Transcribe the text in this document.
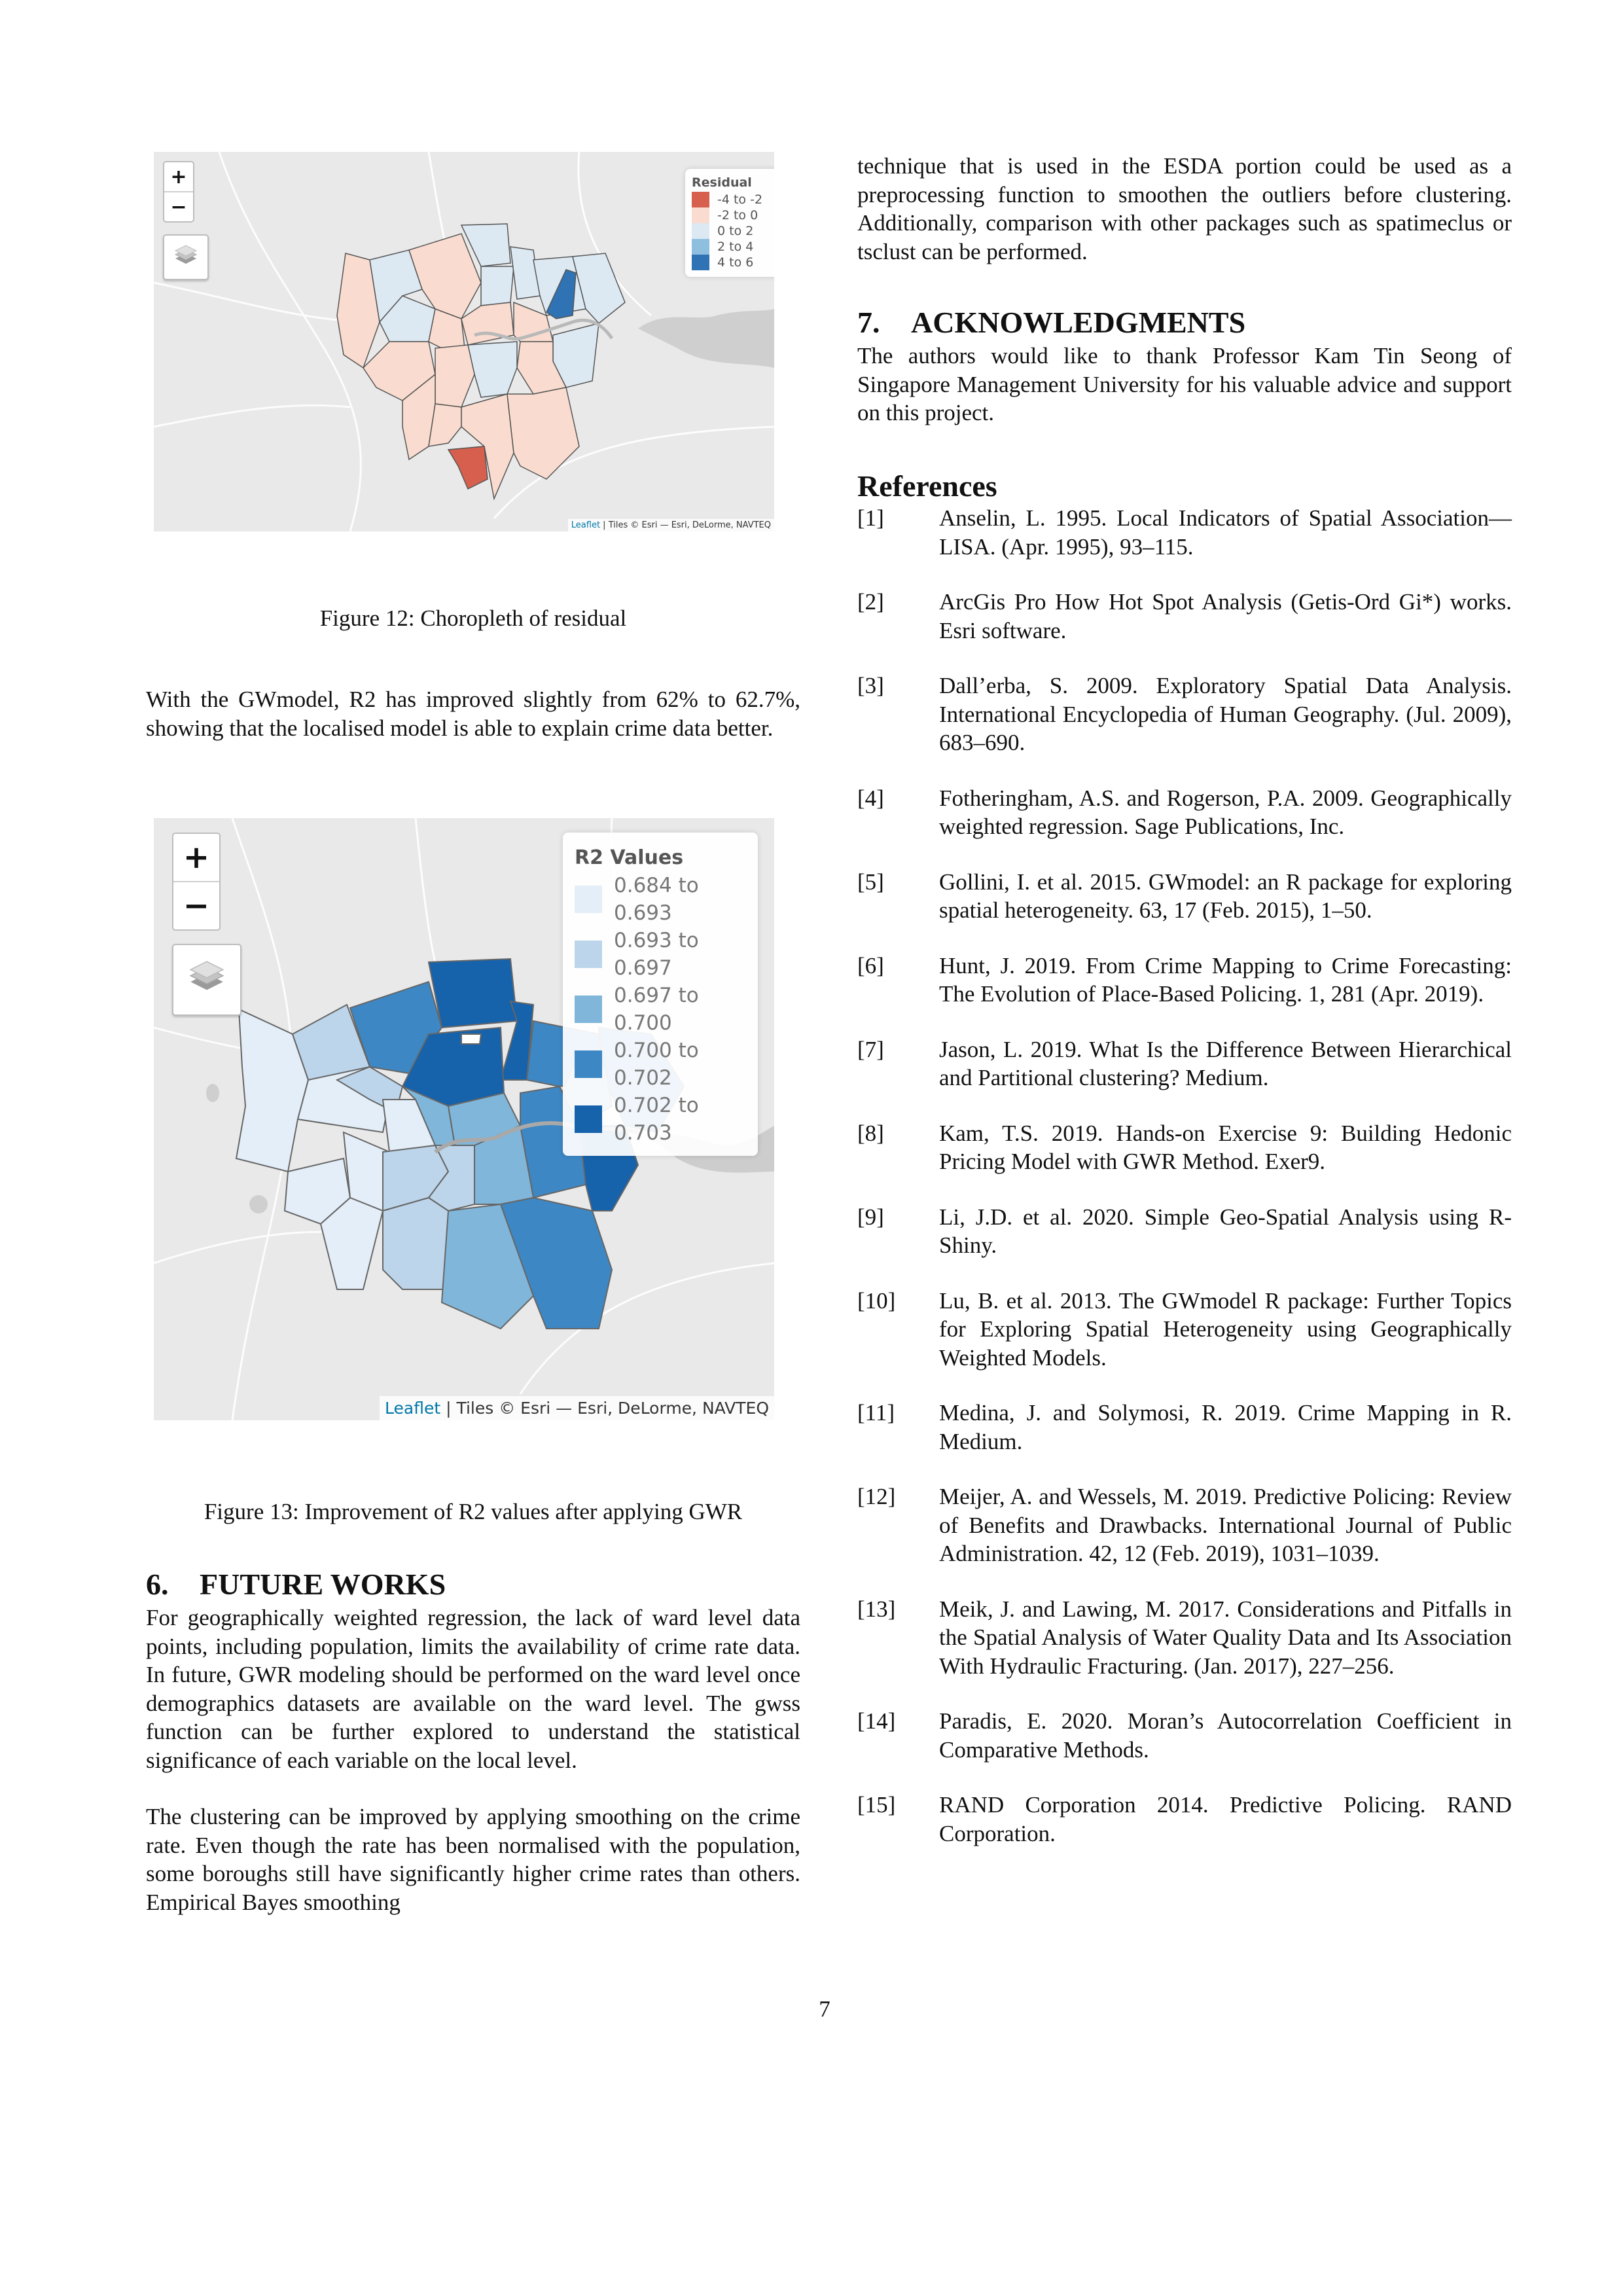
+
−
Residual
-4 to -2
-2 to 0
0 to 2
2 to 4
4 to 6
Leaflet | Tiles © Esri — Esri, DeLorme, NAVTEQ
Figure 12: Choropleth of residual

With the GWmodel, R2 has improved slightly from 62% to 62.7%, showing that the localised model is able to explain crime data better.

+
−
R2 Values
0.684 to 0.693
0.693 to 0.697
0.697 to 0.700
0.700 to 0.702
0.702 to 0.703
Leaflet | Tiles © Esri — Esri, DeLorme, NAVTEQ
Figure 13: Improvement of R2 values after applying GWR
6. FUTURE WORKS

For geographically weighted regression, the lack of ward level data points, including population, limits the availability of crime rate data. In future, GWR modeling should be performed on the ward level once demographics datasets are available on the ward level. The gwss function can be further explored to understand the statistical significance of each variable on the local level.

The clustering can be improved by applying smoothing on the crime rate. Even though the rate has been normalised with the population, some boroughs still have significantly higher crime rates than others. Empirical Bayes smoothing

technique that is used in the ESDA portion could be used as a preprocessing function to smoothen the outliers before clustering. Additionally, comparison with other packages such as spatimeclus or tsclust can be performed.

7. ACKNOWLEDGMENTS

The authors would like to thank Professor Kam Tin Seong of Singapore Management University for his valuable advice and support on this project.

References
[1]	Anselin, L. 1995. Local Indicators of Spatial Association—LISA. (Apr. 1995), 93–115.
[2]	ArcGis Pro How Hot Spot Analysis (Getis-Ord Gi*) works. Esri software.
[3]	Dall’erba, S. 2009. Exploratory Spatial Data Analysis. International Encyclopedia of Human Geography. (Jul. 2009), 683–690.
[4]	Fotheringham, A.S. and Rogerson, P.A. 2009. Geographically weighted regression. Sage Publications, Inc.
[5]	Gollini, I. et al. 2015. GWmodel: an R package for exploring spatial heterogeneity. 63, 17 (Feb. 2015), 1–50.
[6]	Hunt, J. 2019. From Crime Mapping to Crime Forecasting: The Evolution of Place-Based Policing. 1, 281 (Apr. 2019).
[7]	Jason, L. 2019. What Is the Difference Between Hierarchical and Partitional clustering? Medium.
[8]	Kam, T.S. 2019. Hands-on Exercise 9: Building Hedonic Pricing Model with GWR Method. Exer9.
[9]	Li, J.D. et al. 2020. Simple Geo-Spatial Analysis using R-Shiny.
[10]	Lu, B. et al. 2013. The GWmodel R package: Further Topics for Exploring Spatial Heterogeneity using Geographically Weighted Models.
[11]	Medina, J. and Solymosi, R. 2019. Crime Mapping in R. Medium.
[12]	Meijer, A. and Wessels, M. 2019. Predictive Policing: Review of Benefits and Drawbacks. International Journal of Public Administration. 42, 12 (Feb. 2019), 1031–1039.
[13]	Meik, J. and Lawing, M. 2017. Considerations and Pitfalls in the Spatial Analysis of Water Quality Data and Its Association With Hydraulic Fracturing. (Jan. 2017), 227–256.
[14]	Paradis, E. 2020. Moran’s Autocorrelation Coefficient in Comparative Methods.
[15]	RAND Corporation 2014. Predictive Policing. RAND Corporation.
7
